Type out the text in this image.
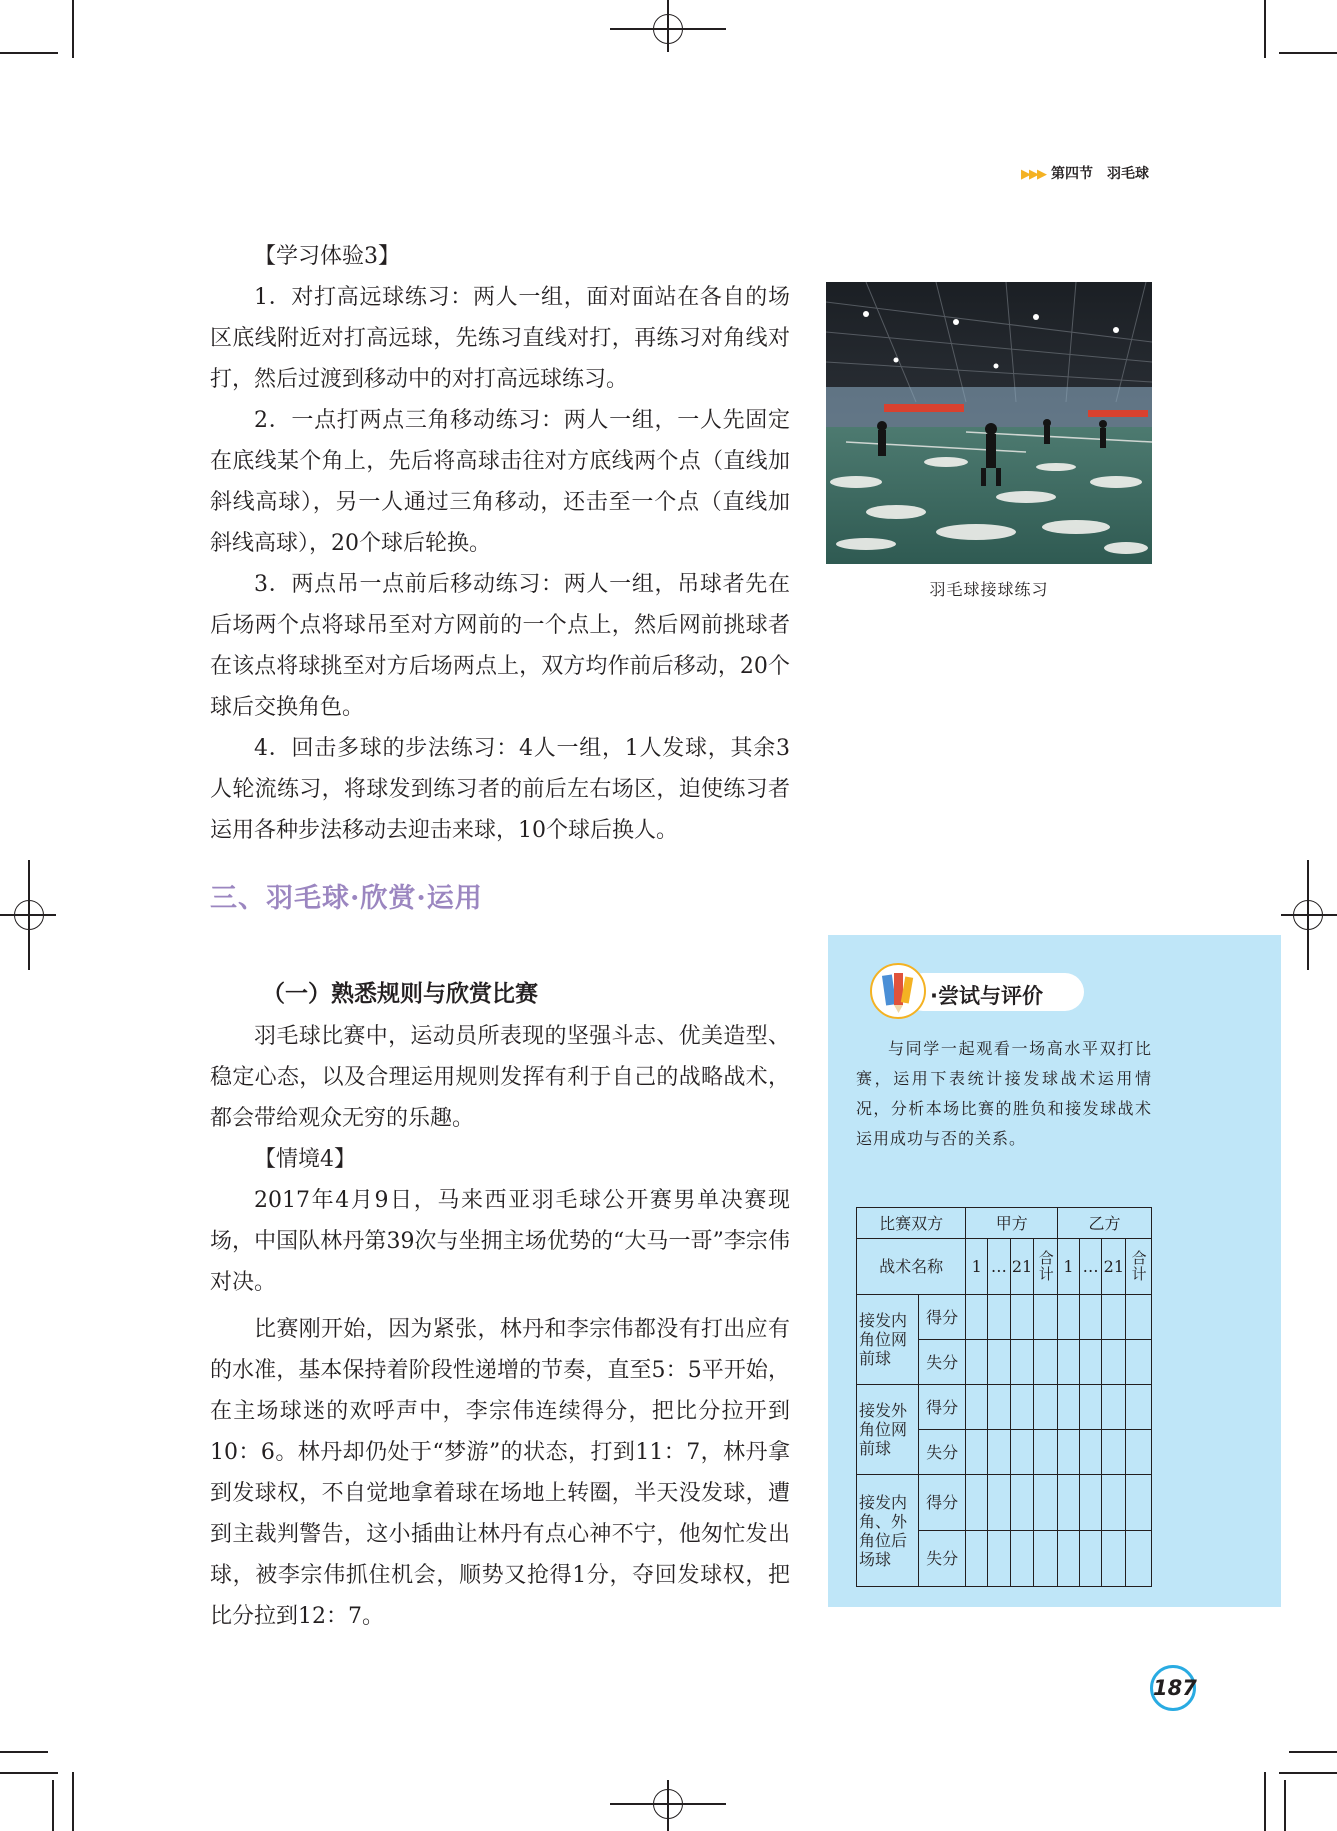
▶▶▶ 第四节 羽毛球

【学习体验3】

1．对打高远球练习：两人一组，面对面站在各自的场区底线附近对打高远球，先练习直线对打，再练习对角线对打，然后过渡到移动中的对打高远球练习。

2．一点打两点三角移动练习：两人一组，一人先固定在底线某个角上，先后将高球击往对方底线两个点（直线加斜线高球），另一人通过三角移动，还击至一个点（直线加斜线高球），20个球后轮换。

3．两点吊一点前后移动练习：两人一组，吊球者先在后场两个点将球吊至对方网前的一个点上，然后网前挑球者在该点将球挑至对方后场两点上，双方均作前后移动，20个球后交换角色。

4．回击多球的步法练习：4人一组，1人发球，其余3人轮流练习，将球发到练习者的前后左右场区，迫使练习者运用各种步法移动去迎击来球，10个球后换人。

羽毛球接球练习
三、羽毛球·欣赏·运用
（一）熟悉规则与欣赏比赛

羽毛球比赛中，运动员所表现的坚强斗志、优美造型、稳定心态，以及合理运用规则发挥有利于自己的战略战术，都会带给观众无穷的乐趣。

【情境4】

2017年4月9日，马来西亚羽毛球公开赛男单决赛现场，中国队林丹第39次与坐拥主场优势的“大马一哥”李宗伟对决。

比赛刚开始，因为紧张，林丹和李宗伟都没有打出应有的水准，基本保持着阶段性递增的节奏，直至5：5平开始，在主场球迷的欢呼声中，李宗伟连续得分，把比分拉开到10：6。林丹却仍处于“梦游”的状态，打到11：7，林丹拿到发球权，不自觉地拿着球在场地上转圈，半天没发球，遭到主裁判警告，这小插曲让林丹有点心神不宁，他匆忙发出球，被李宗伟抓住机会，顺势又抢得1分，夺回发球权，把比分拉到12：7。

·尝试与评价

与同学一起观看一场高水平双打比赛，运用下表统计接发球战术运用情况，分析本场比赛的胜负和接发球战术运用成功与否的关系。

比赛双方		甲方				乙方			
战术名称		1	…	21	合计	1	…	21	合计
接发内角位网前球	得分								
	失分								
接发外角位网前球	得分								
	失分								
接发内角、外角位后场球	得分								
	失分								
187
